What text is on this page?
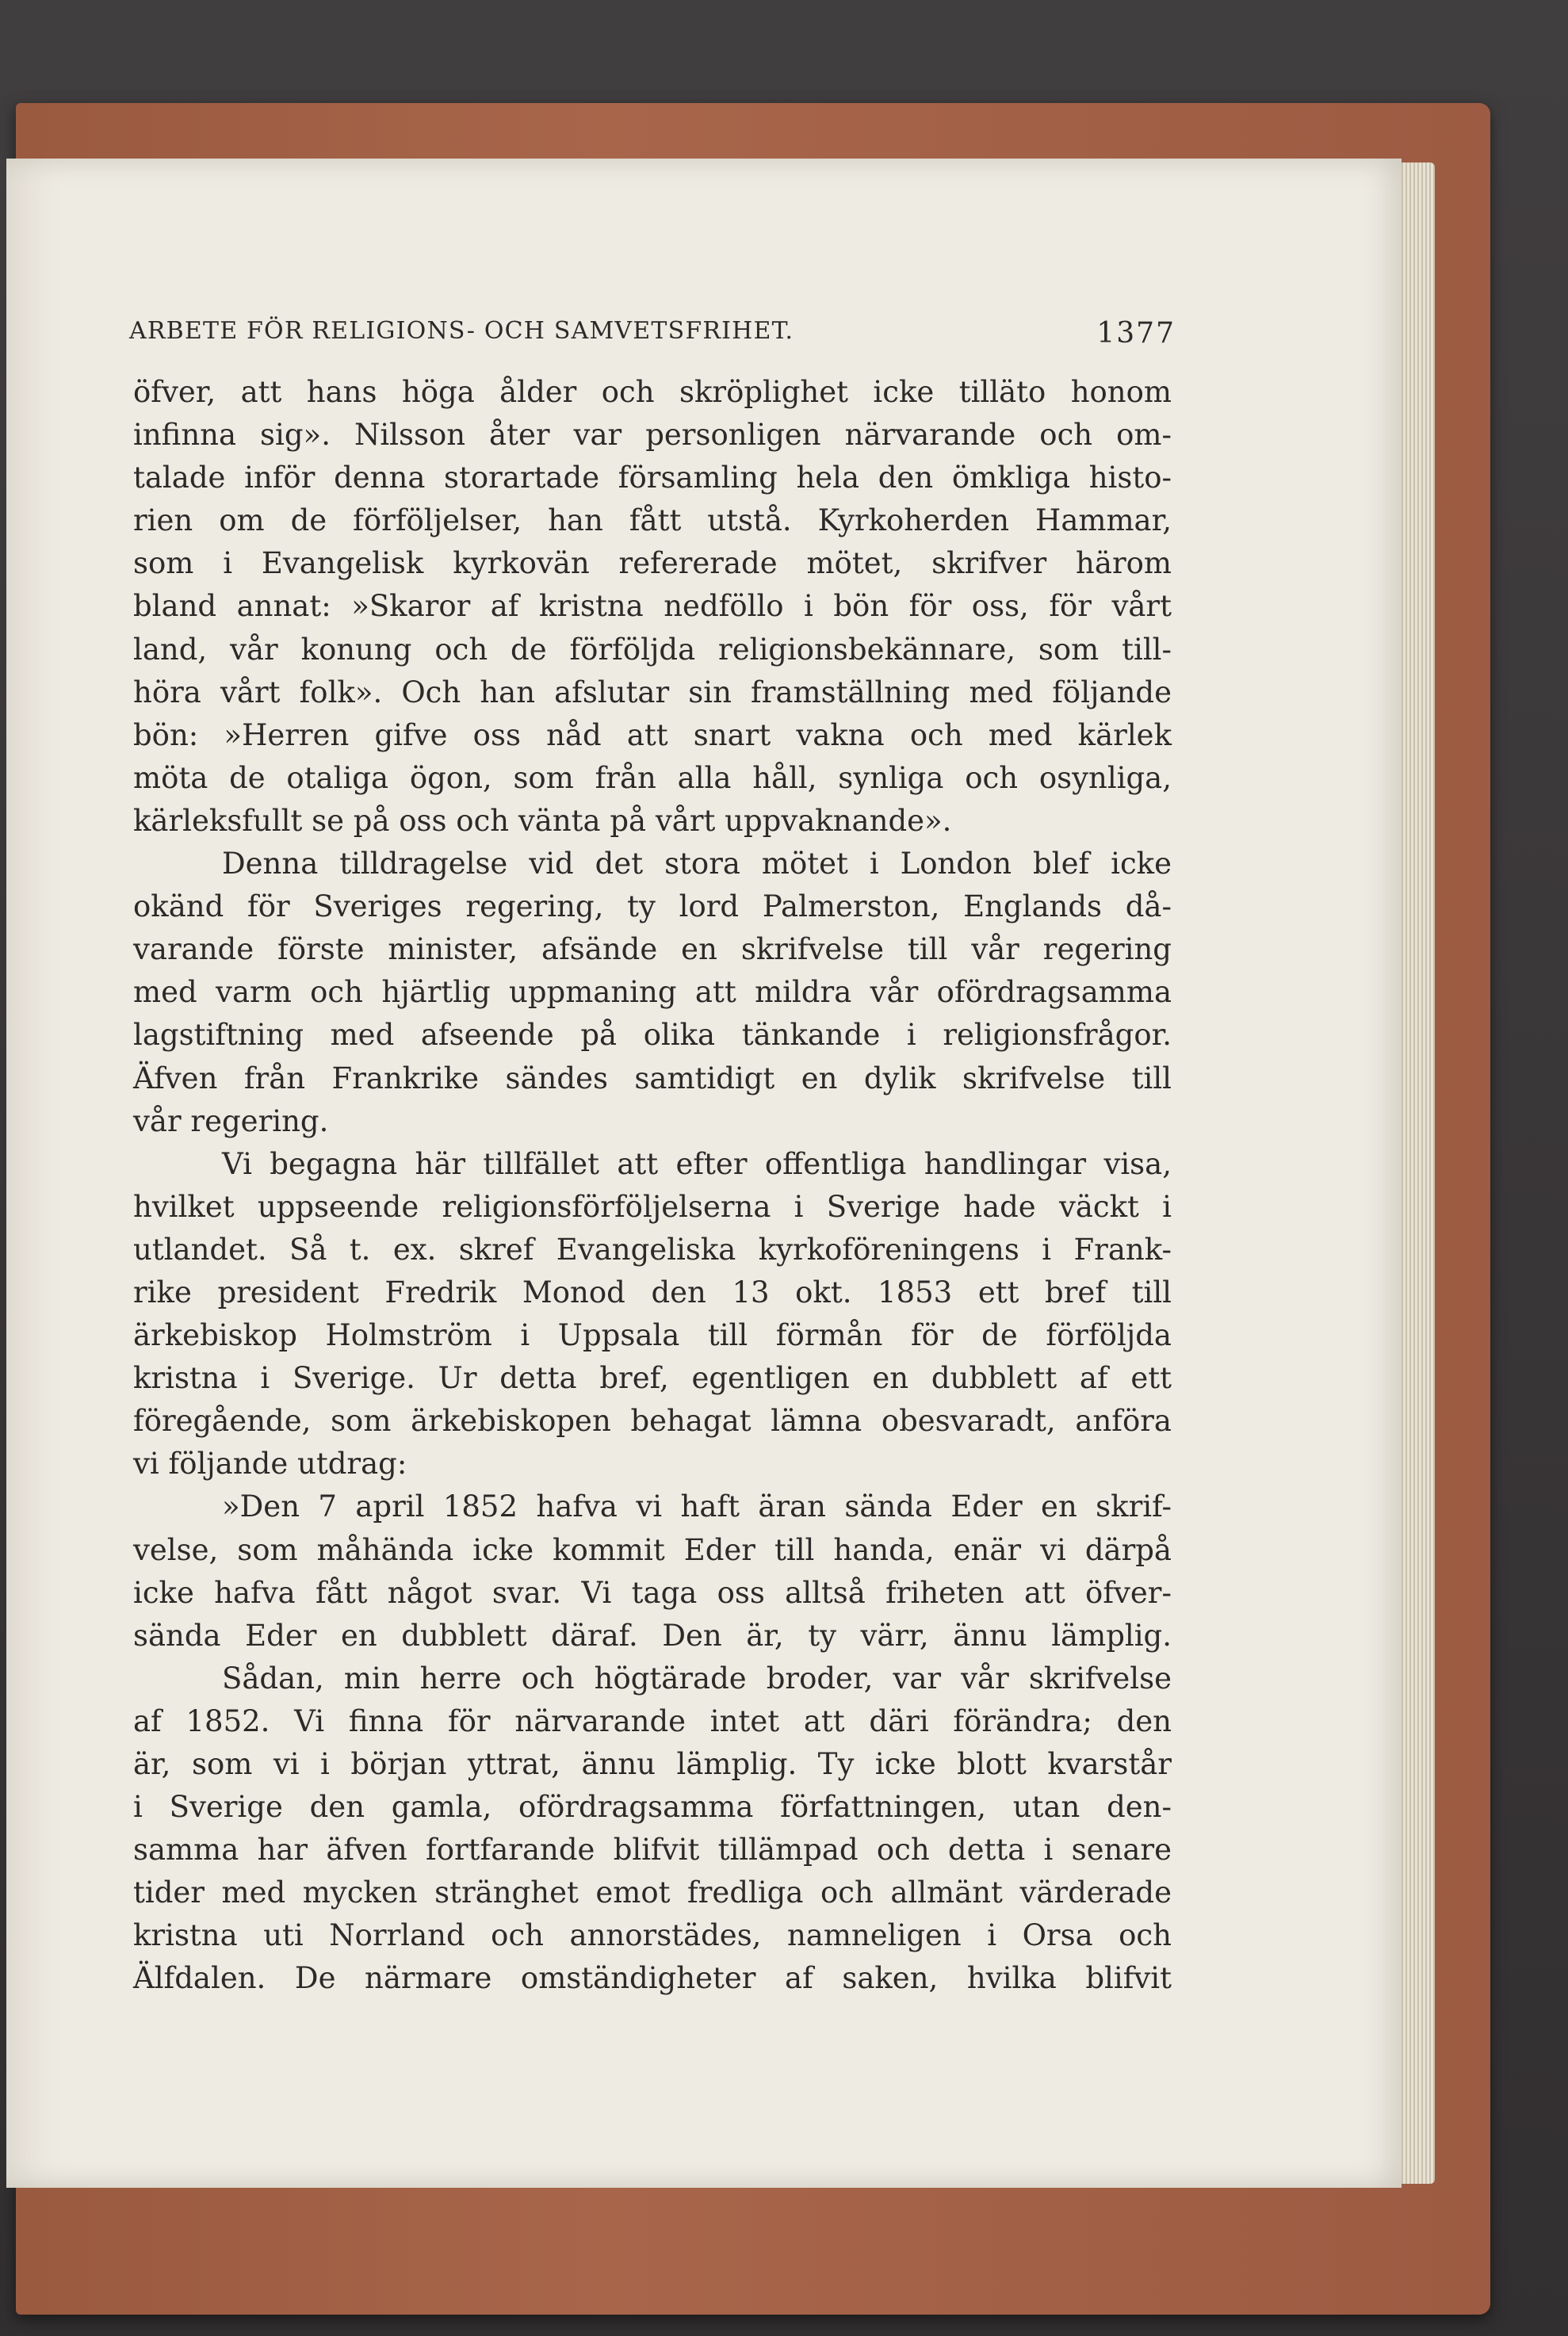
ARBETE FÖR RELIGIONS- OCH SAMVETSFRIHET.	1377
öfver, att hans höga ålder och skröplighet icke tilläto honom
infinna sig». Nilsson åter var personligen närvarande och om-
talade inför denna storartade församling hela den ömkliga histo-
rien om de förföljelser, han fått utstå. Kyrkoherden Hammar,
som i Evangelisk kyrkovän refererade mötet, skrifver härom
bland annat: »Skaror af kristna nedföllo i bön för oss, för vårt
land, vår konung och de förföljda religionsbekännare, som till-
höra vårt folk». Och han afslutar sin framställning med följande
bön: »Herren gifve oss nåd att snart vakna och med kärlek
möta de otaliga ögon, som från alla håll, synliga och osynliga,
kärleksfullt se på oss och vänta på vårt uppvaknande».
Denna tilldragelse vid det stora mötet i London blef icke
okänd för Sveriges regering, ty lord Palmerston, Englands då-
varande förste minister, afsände en skrifvelse till vår regering
med varm och hjärtlig uppmaning att mildra vår ofördragsamma
lagstiftning med afseende på olika tänkande i religionsfrågor.
Äfven från Frankrike sändes samtidigt en dylik skrifvelse till
vår regering.
Vi begagna här tillfället att efter offentliga handlingar visa,
hvilket uppseende religionsförföljelserna i Sverige hade väckt i
utlandet. Så t. ex. skref Evangeliska kyrkoföreningens i Frank-
rike president Fredrik Monod den 13 okt. 1853 ett bref till
ärkebiskop Holmström i Uppsala till förmån för de förföljda
kristna i Sverige. Ur detta bref, egentligen en dubblett af ett
föregående, som ärkebiskopen behagat lämna obesvaradt, anföra
vi följande utdrag:
»Den 7 april 1852 hafva vi haft äran sända Eder en skrif-
velse, som måhända icke kommit Eder till handa, enär vi därpå
icke hafva fått något svar. Vi taga oss alltså friheten att öfver-
sända Eder en dubblett däraf. Den är, ty värr, ännu lämplig.
Sådan, min herre och högtärade broder, var vår skrifvelse
af 1852. Vi finna för närvarande intet att däri förändra; den
är, som vi i början yttrat, ännu lämplig. Ty icke blott kvarstår
i Sverige den gamla, ofördragsamma författningen, utan den-
samma har äfven fortfarande blifvit tillämpad och detta i senare
tider med mycken stränghet emot fredliga och allmänt värderade
kristna uti Norrland och annorstädes, namneligen i Orsa och
Älfdalen. De närmare omständigheter af saken, hvilka blifvit
